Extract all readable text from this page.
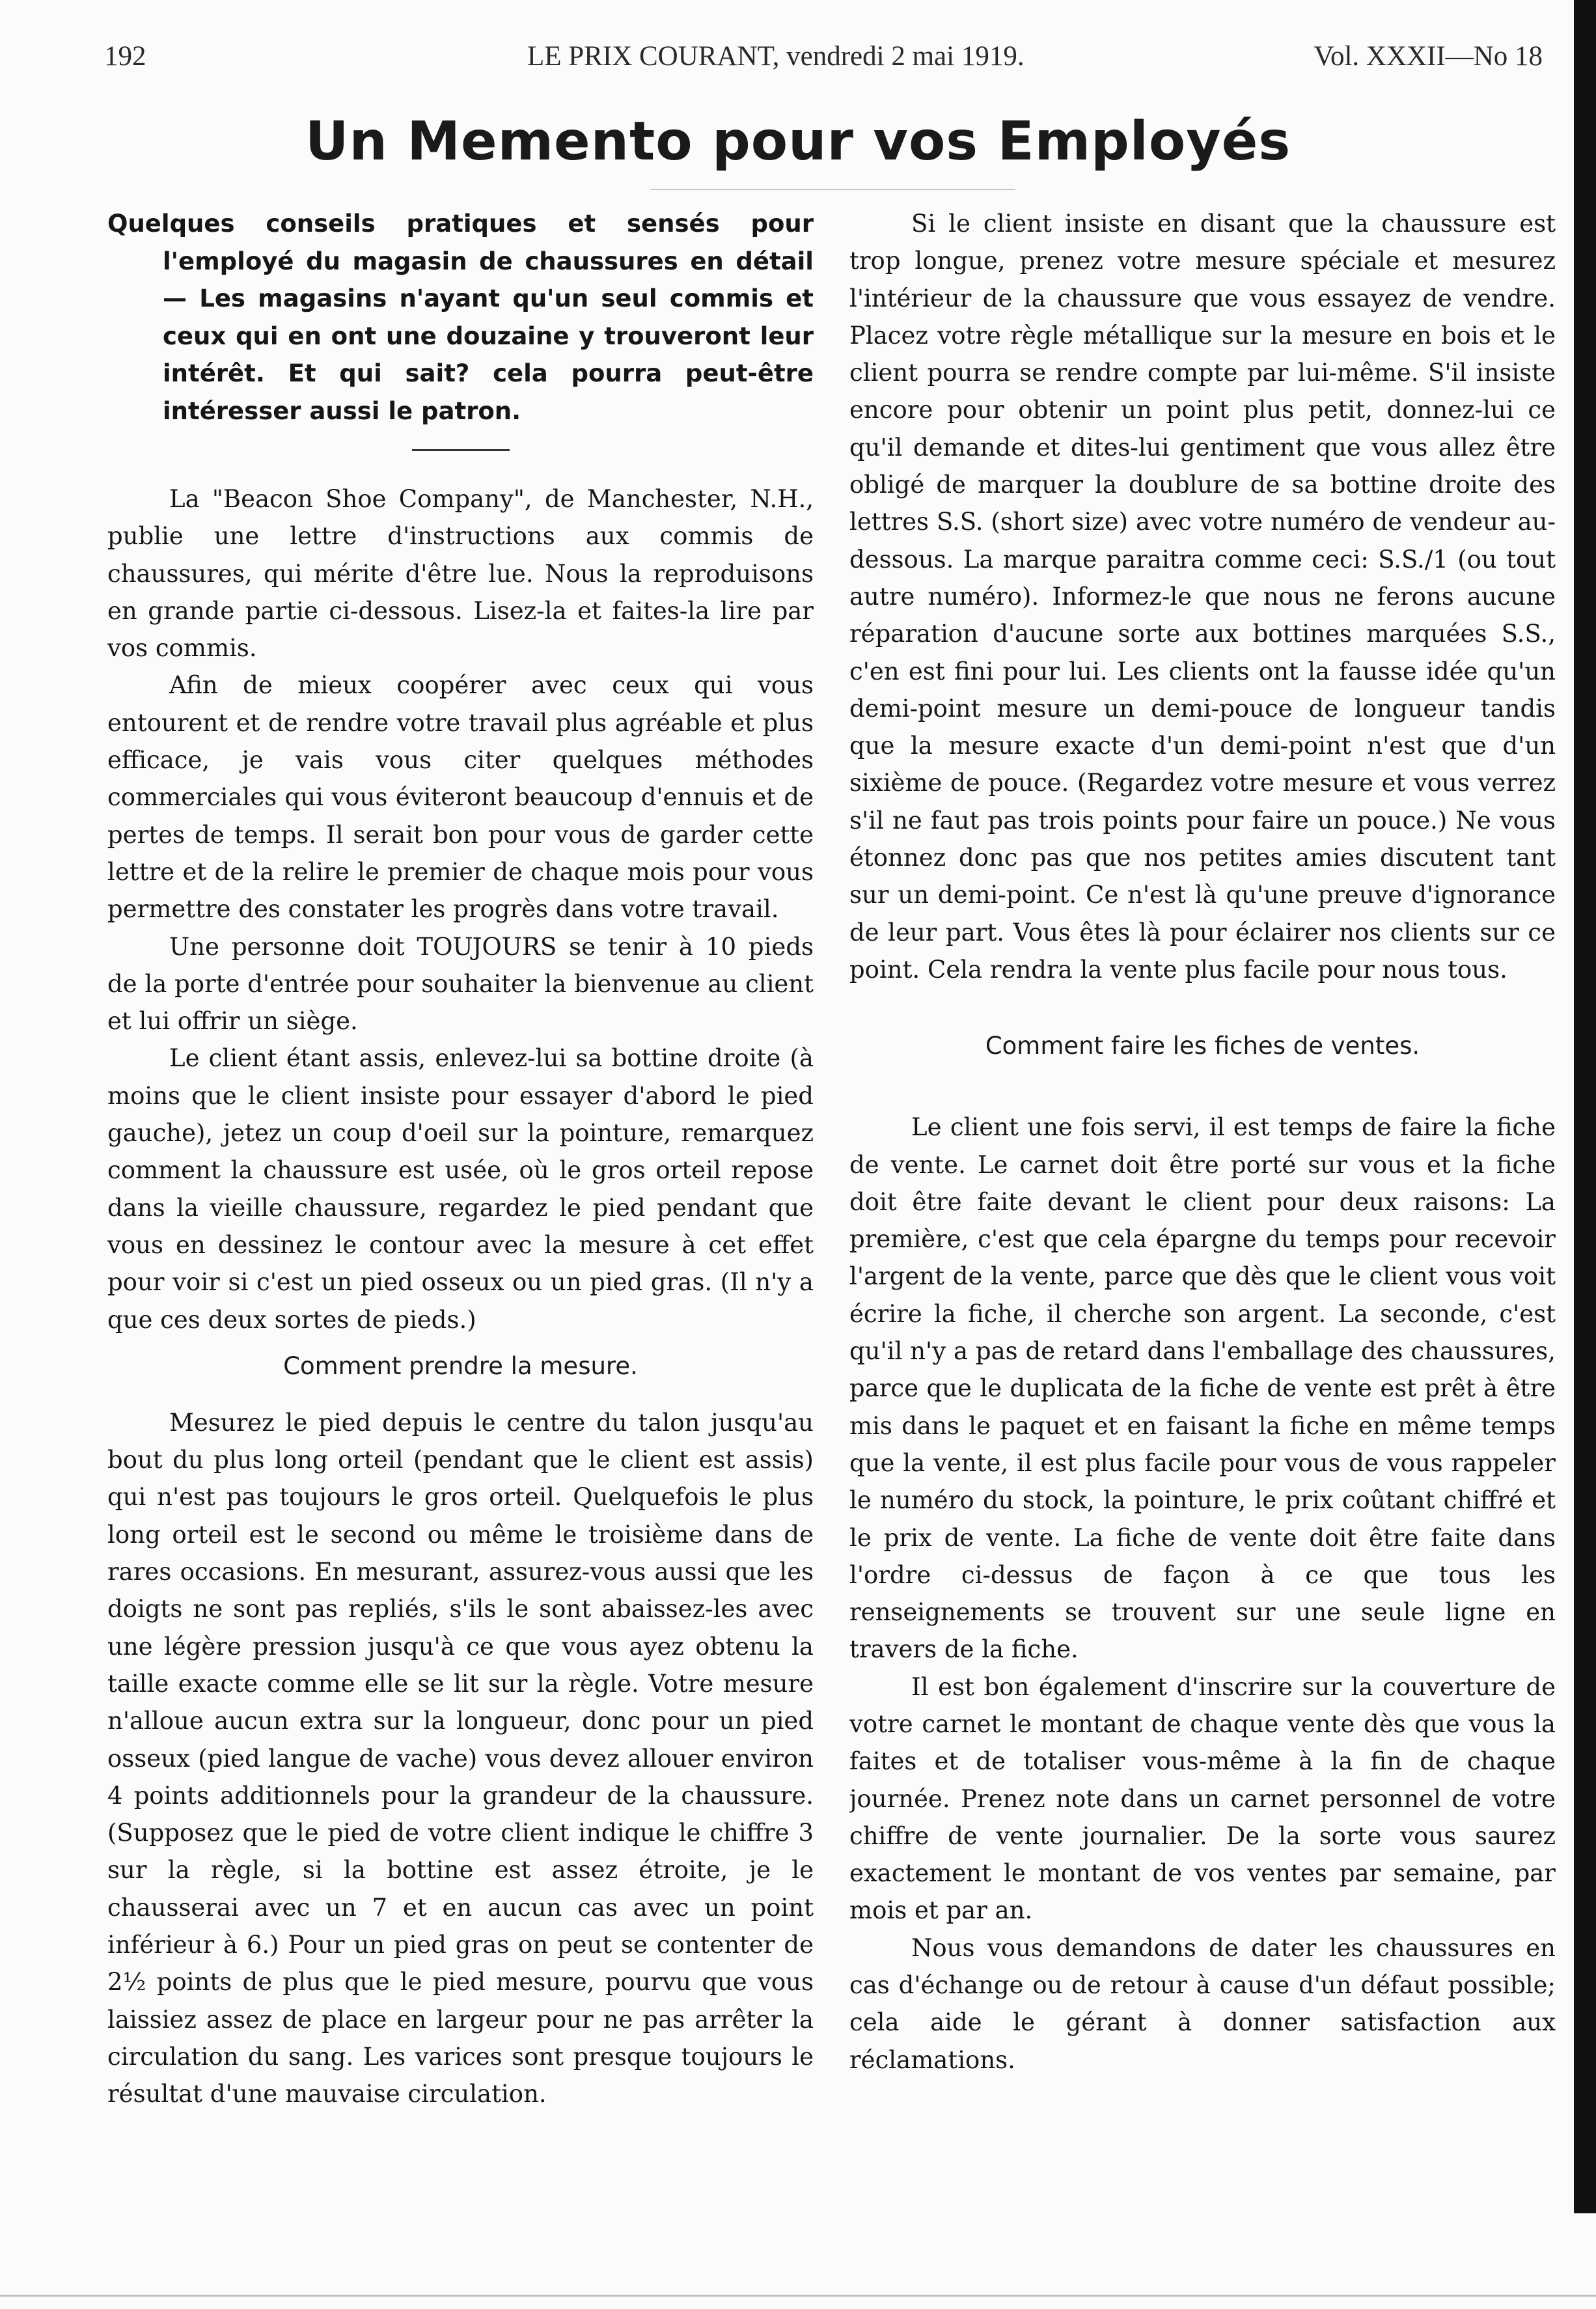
192	LE PRIX COURANT, vendredi 2 mai 1919.	Vol. XXXII—No 18
Un Memento pour vos Employés

Quelques conseils pratiques et sensés pour l'employé du magasin de chaussures en détail — Les magasins n'ayant qu'un seul commis et ceux qui en ont une douzaine y trouveront leur intérêt. Et qui sait? cela pourra peut-être intéresser aussi le patron.

La "Beacon Shoe Company", de Manchester, N.H., publie une lettre d'instructions aux commis de chaussures, qui mérite d'être lue. Nous la reproduisons en grande partie ci-dessous. Lisez-la et faites-la lire par vos commis.

Afin de mieux coopérer avec ceux qui vous entourent et de rendre votre travail plus agréable et plus efficace, je vais vous citer quelques méthodes commerciales qui vous éviteront beaucoup d'ennuis et de pertes de temps. Il serait bon pour vous de garder cette lettre et de la relire le premier de chaque mois pour vous permettre des constater les progrès dans votre travail.

Une personne doit TOUJOURS se tenir à 10 pieds de la porte d'entrée pour souhaiter la bienvenue au client et lui offrir un siège.

Le client étant assis, enlevez-lui sa bottine droite (à moins que le client insiste pour essayer d'abord le pied gauche), jetez un coup d'oeil sur la pointure, remarquez comment la chaussure est usée, où le gros orteil repose dans la vieille chaussure, regardez le pied pendant que vous en dessinez le contour avec la mesure à cet effet pour voir si c'est un pied osseux ou un pied gras. (Il n'y a que ces deux sortes de pieds.)

Comment prendre la mesure.

Mesurez le pied depuis le centre du talon jusqu'au bout du plus long orteil (pendant que le client est assis) qui n'est pas toujours le gros orteil. Quelquefois le plus long orteil est le second ou même le troisième dans de rares occasions. En mesurant, assurez-vous aussi que les doigts ne sont pas repliés, s'ils le sont abaissez-les avec une légère pression jusqu'à ce que vous ayez obtenu la taille exacte comme elle se lit sur la règle. Votre mesure n'alloue aucun extra sur la longueur, donc pour un pied osseux (pied langue de vache) vous devez allouer environ 4 points additionnels pour la grandeur de la chaussure. (Supposez que le pied de votre client indique le chiffre 3 sur la règle, si la bottine est assez étroite, je le chausserai avec un 7 et en aucun cas avec un point inférieur à 6.) Pour un pied gras on peut se contenter de 2½ points de plus que le pied mesure, pourvu que vous laissiez assez de place en largeur pour ne pas arrêter la circulation du sang. Les varices sont presque toujours le résultat d'une mauvaise circulation.

Si le client insiste en disant que la chaussure est trop longue, prenez votre mesure spéciale et mesurez l'intérieur de la chaussure que vous essayez de vendre. Placez votre règle métallique sur la mesure en bois et le client pourra se rendre compte par lui-même. S'il insiste encore pour obtenir un point plus petit, donnez-lui ce qu'il demande et dites-lui gentiment que vous allez être obligé de marquer la doublure de sa bottine droite des lettres S.S. (short size) avec votre numéro de vendeur au-dessous. La marque paraitra comme ceci: S.S./1 (ou tout autre numéro). Informez-le que nous ne ferons aucune réparation d'aucune sorte aux bottines marquées S.S., c'en est fini pour lui. Les clients ont la fausse idée qu'un demi-point mesure un demi-pouce de longueur tandis que la mesure exacte d'un demi-point n'est que d'un sixième de pouce. (Regardez votre mesure et vous verrez s'il ne faut pas trois points pour faire un pouce.) Ne vous étonnez donc pas que nos petites amies discutent tant sur un demi-point. Ce n'est là qu'une preuve d'ignorance de leur part. Vous êtes là pour éclairer nos clients sur ce point. Cela rendra la vente plus facile pour nous tous.

Comment faire les fiches de ventes.

Le client une fois servi, il est temps de faire la fiche de vente. Le carnet doit être porté sur vous et la fiche doit être faite devant le client pour deux raisons: La première, c'est que cela épargne du temps pour recevoir l'argent de la vente, parce que dès que le client vous voit écrire la fiche, il cherche son argent. La seconde, c'est qu'il n'y a pas de retard dans l'emballage des chaussures, parce que le duplicata de la fiche de vente est prêt à être mis dans le paquet et en faisant la fiche en même temps que la vente, il est plus facile pour vous de vous rappeler le numéro du stock, la pointure, le prix coûtant chiffré et le prix de vente. La fiche de vente doit être faite dans l'ordre ci-dessus de façon à ce que tous les renseignements se trouvent sur une seule ligne en travers de la fiche.

Il est bon également d'inscrire sur la couverture de votre carnet le montant de chaque vente dès que vous la faites et de totaliser vous-même à la fin de chaque journée. Prenez note dans un carnet personnel de votre chiffre de vente journalier. De la sorte vous saurez exactement le montant de vos ventes par semaine, par mois et par an.

Nous vous demandons de dater les chaussures en cas d'échange ou de retour à cause d'un défaut possible; cela aide le gérant à donner satisfaction aux réclamations.
